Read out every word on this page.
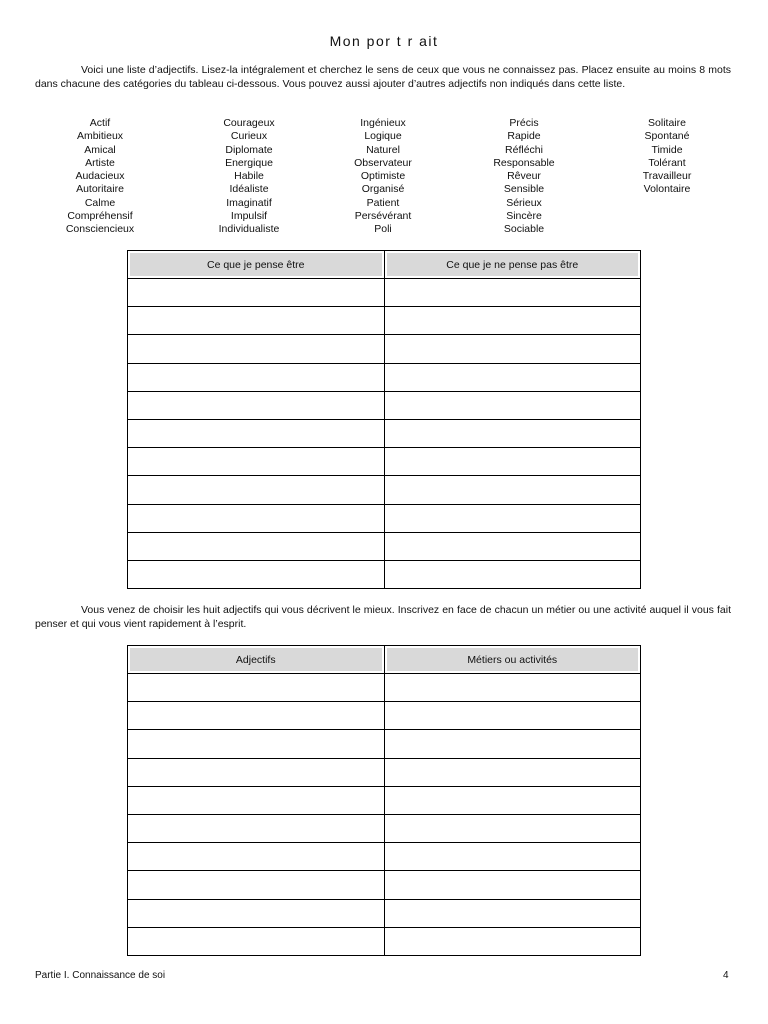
Mon por t r ait

Voici une liste d’adjectifs. Lisez-la intégralement et cherchez le sens de ceux que vous ne connaissez pas. Placez ensuite au moins 8 mots dans chacune des catégories du tableau ci-dessous. Vous pouvez aussi ajouter d’autres adjectifs non indiqués dans cette liste.

Actif
Ambitieux
Amical
Artiste
Audacieux
Autoritaire
Calme
Compréhensif
Consciencieux
Courageux
Curieux
Diplomate
Energique
Habile
Idéaliste
Imaginatif
Impulsif
Individualiste
Ingénieux
Logique
Naturel
Observateur
Optimiste
Organisé
Patient
Persévérant
Poli
Précis
Rapide
Réfléchi
Responsable
Rêveur
Sensible
Sérieux
Sincère
Sociable
Solitaire
Spontané
Timide
Tolérant
Travailleur
Volontaire
Ce que je pense être	Ce que je ne pense pas être

Vous venez de choisir les huit adjectifs qui vous décrivent le mieux. Inscrivez en face de chacun un métier ou une activité auquel il vous fait penser et qui vous vient rapidement à l’esprit.

Adjectifs	Métiers ou activités

Partie I. Connaissance de soi	4
